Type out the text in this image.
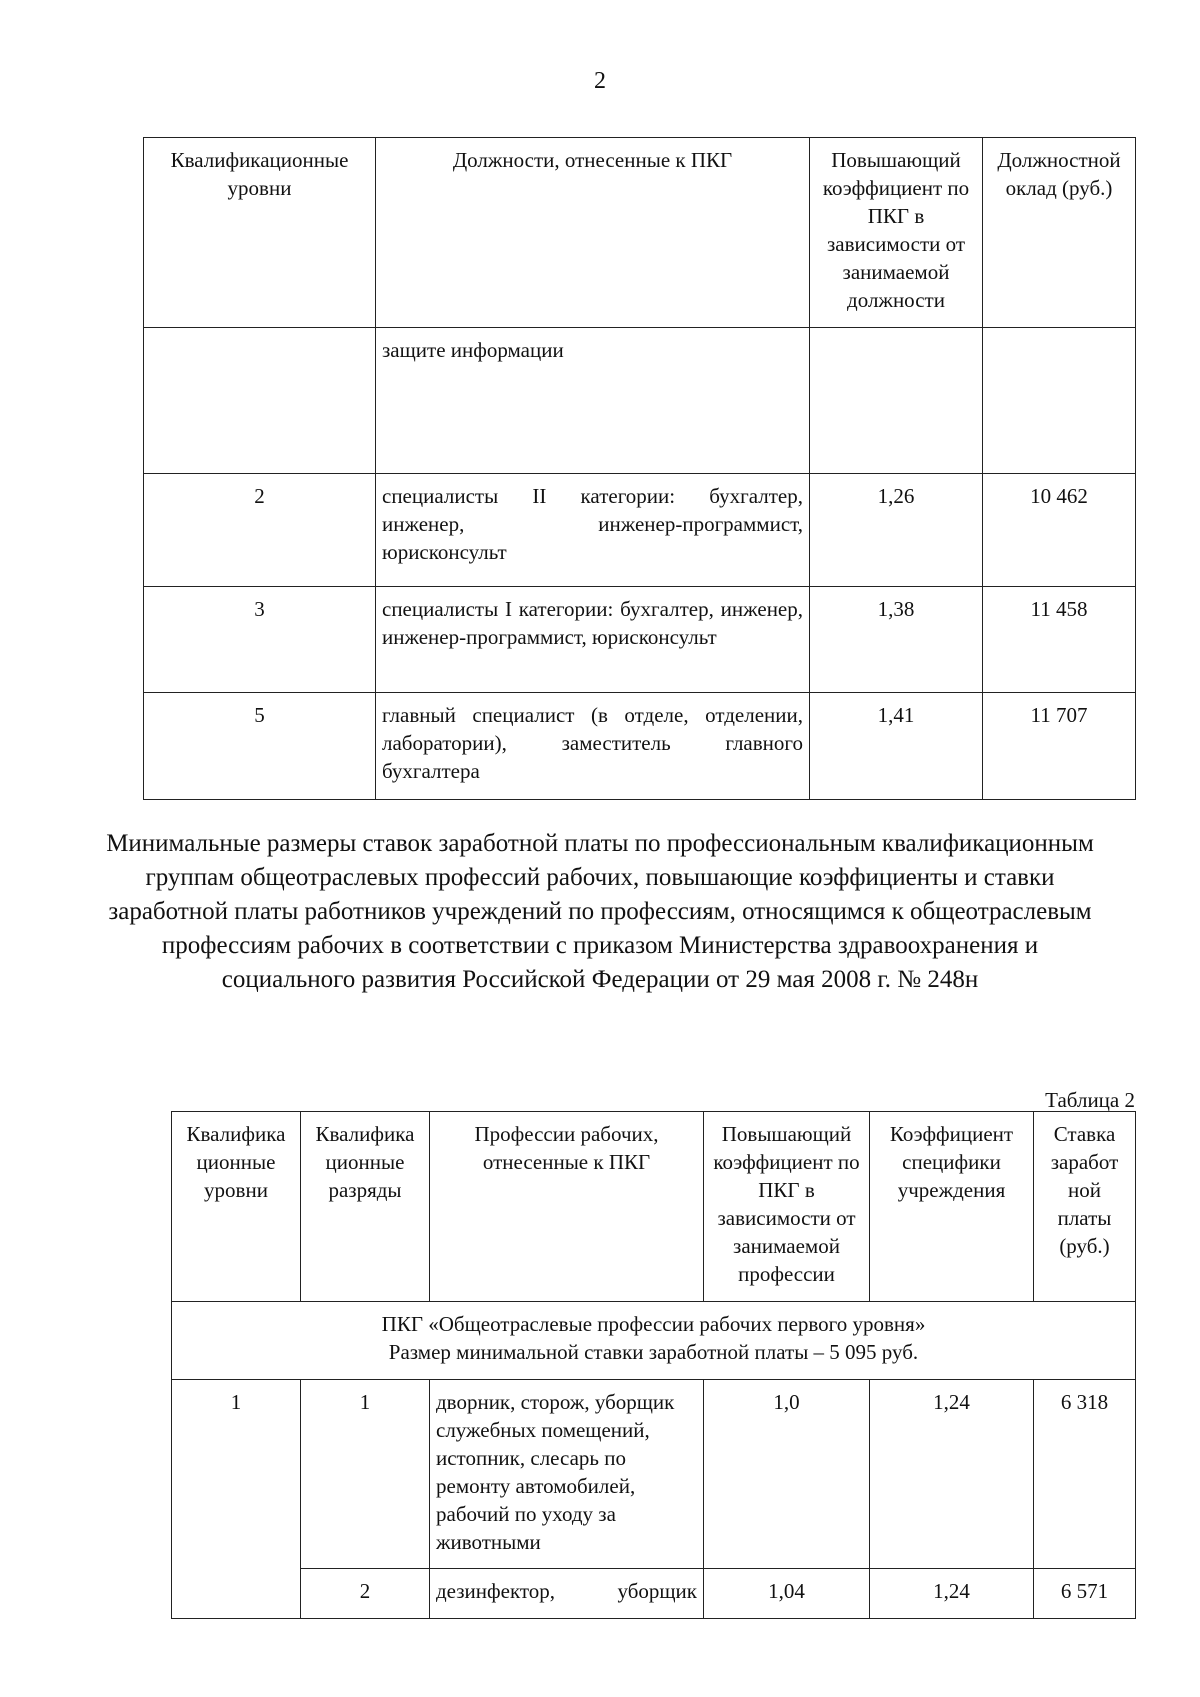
2
Квалификационные уровни	Должности, отнесенные к ПКГ	Повышающий коэффициент по ПКГ в зависимости от занимаемой должности	Должностной оклад (руб.)
	защите информации		
2	специалисты II категории: бухгалтер, инженер, инженер-программист, юрисконсульт	1,26	10 462
3	специалисты I категории: бухгалтер, инженер, инженер-программист, юрисконсульт	1,38	11 458
5	главный специалист (в отделе, отделении, лаборатории), заместитель главного бухгалтера	1,41	11 707
Минимальные размеры ставок заработной платы по профессиональным квалификационным группам общеотраслевых профессий рабочих, повышающие коэффициенты и ставки заработной платы работников учреждений по профессиям, относящимся к общеотраслевым профессиям рабочих в соответствии с приказом Министерства здравоохранения и социального развития Российской Федерации от 29 мая 2008 г. № 248н
Таблица 2
Квалифика ционные уровни	Квалифика ционные разряды	Профессии рабочих, отнесенные к ПКГ	Повышающий коэффициент по ПКГ в зависимости от занимаемой профессии	Коэффициент специфики учреждения	Ставка заработ ной платы (руб.)

ПКГ «Общеотраслевые профессии рабочих первого уровня»
Размер минимальной ставки заработной платы – 5 095 руб.					

1	1	дворник, сторож, уборщик служебных помещений, истопник, слесарь по ремонту автомобилей, рабочий по уходу за животными	1,0	1,24	6 318
	2	дезинфектор, уборщик	1,04	1,24	6 571
